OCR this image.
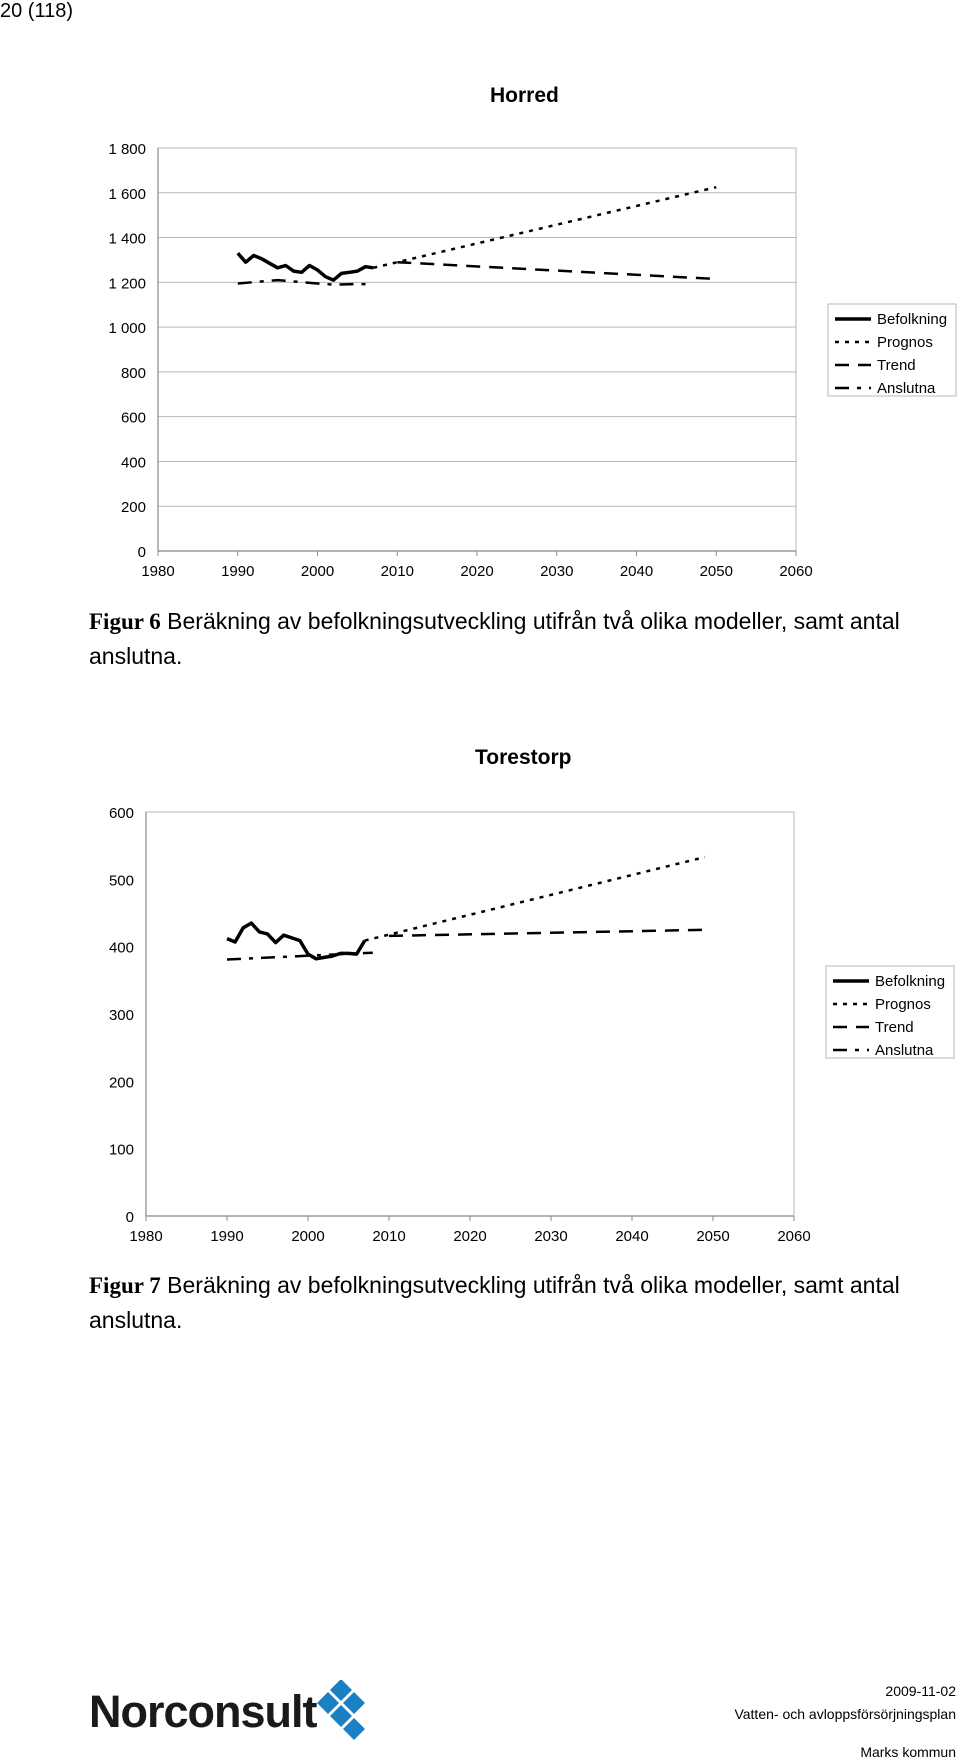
20 (118)
Horred
0
200
400
600
800
1 000
1 200
1 400
1 600
1 800
1980	1990	2000	2010	2020	2030	2040	2050	2060
Befolkning
Prognos
Trend
Anslutna
Figur 6 Beräkning av befolkningsutveckling utifrån två olika modeller, samt antal anslutna.
Torestorp
0
100
200
300
400
500
600
1980	1990	2000	2010	2020	2030	2040	2050	2060
Befolkning
Prognos
Trend
Anslutna
Figur 7 Beräkning av befolkningsutveckling utifrån två olika modeller, samt antal anslutna.
Norconsult	2009-11-02
Vatten- och avloppsförsörjningsplan
Marks kommun
